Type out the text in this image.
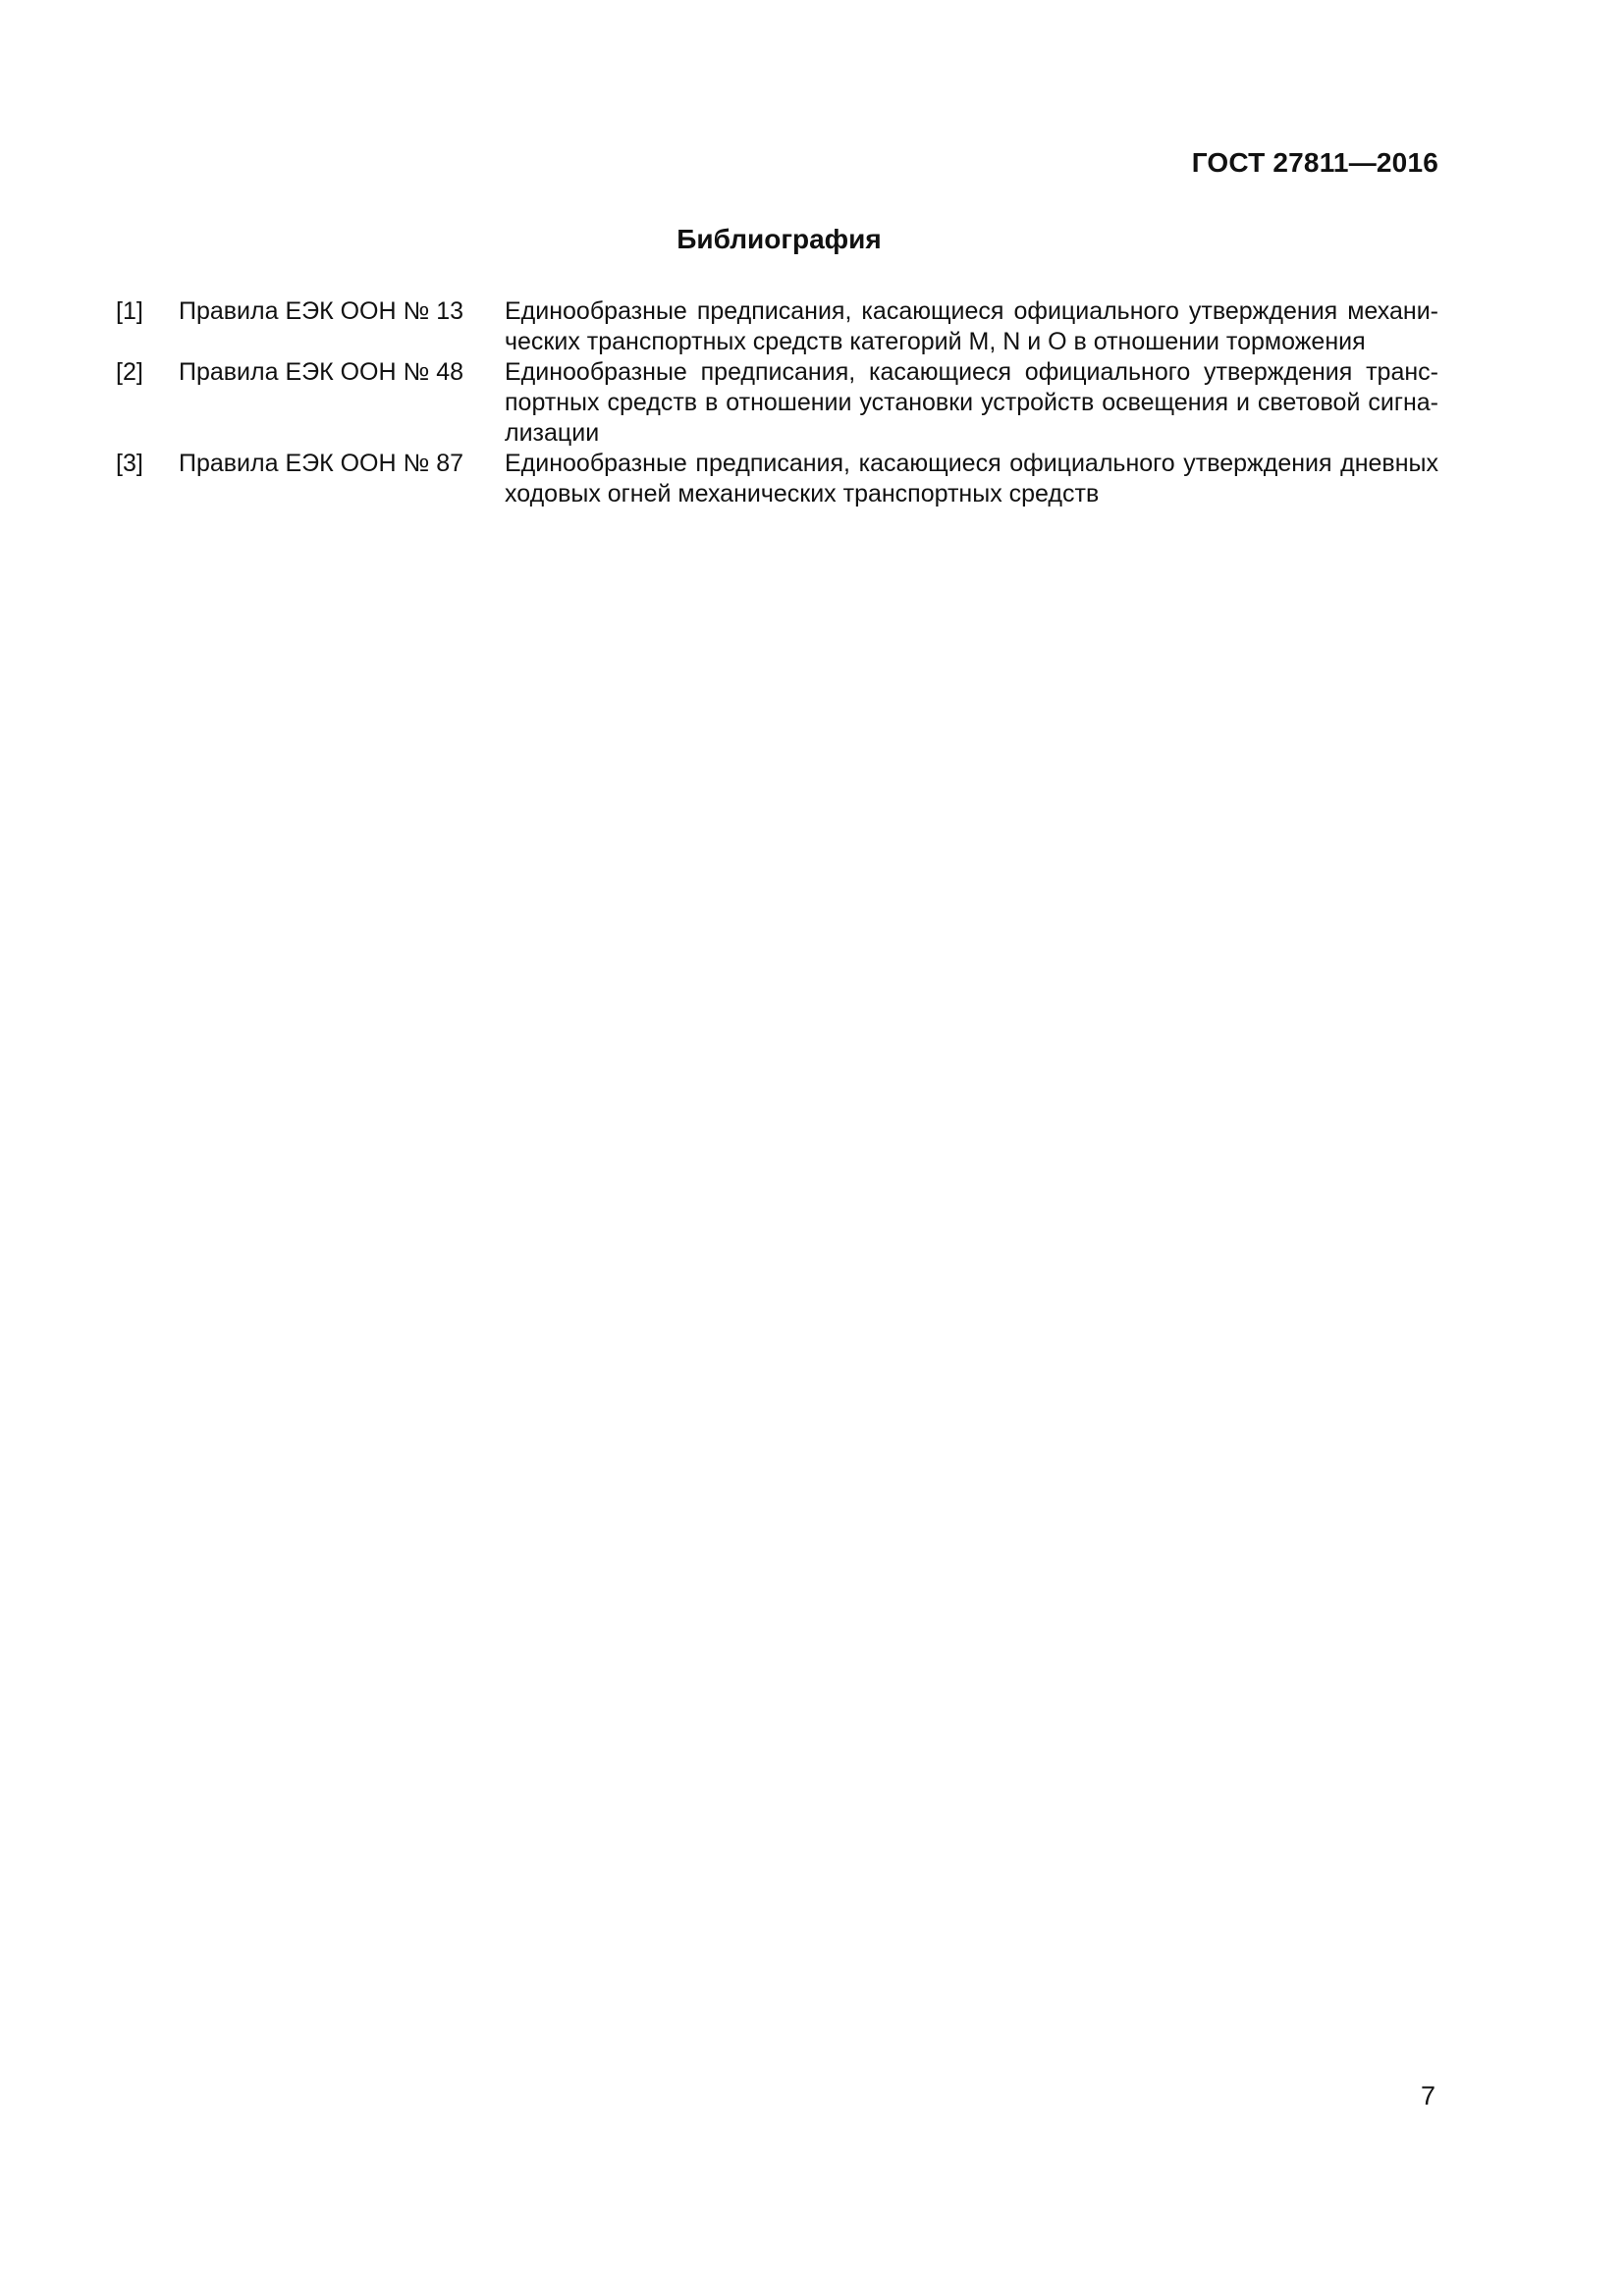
ГОСТ 27811—2016
Библиография
[1] Правила ЕЭК ООН № 13 Единообразные предписания, касающиеся официального утверждения механи-
ческих транспортных средств категорий M, N и O в отношении торможения
[2] Правила ЕЭК ООН № 48 Единообразные предписания, касающиеся официального утверждения транс-
портных средств в отношении установки устройств освещения и световой сигна-
лизации
[3] Правила ЕЭК ООН № 87 Единообразные предписания, касающиеся официального утверждения дневных
ходовых огней механических транспортных средств
7
